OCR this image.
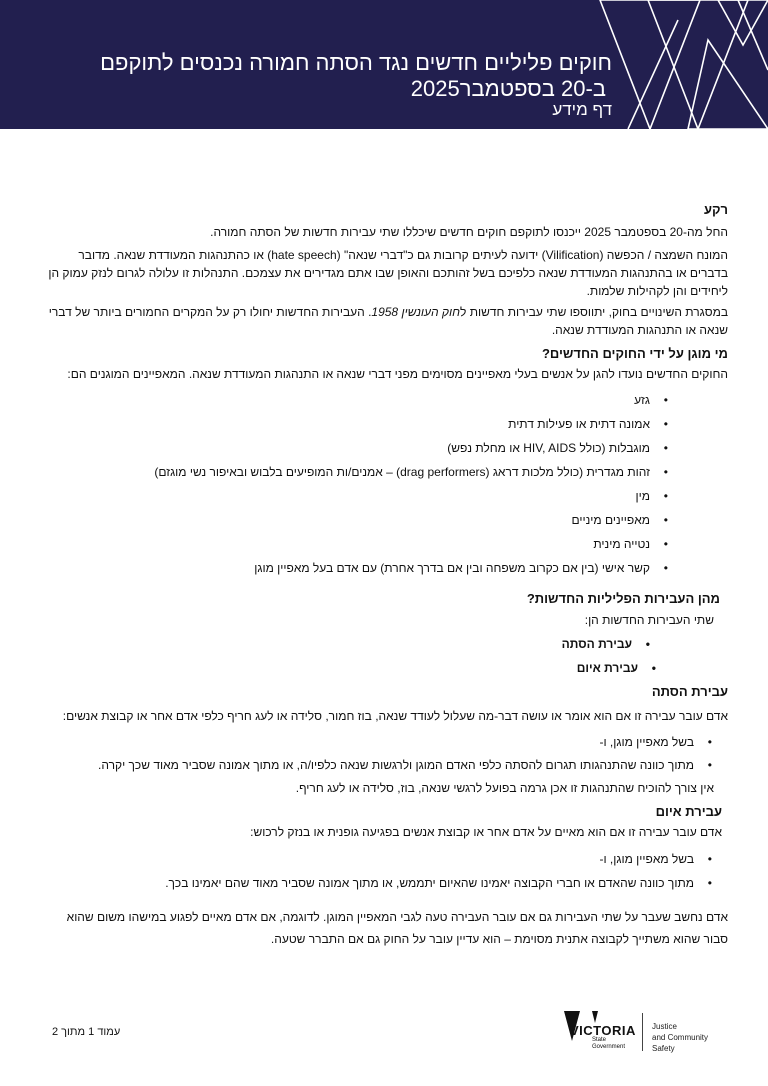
חוקים פליליים חדשים נגד הסתה חמורה נכנסים לתוקפם
ב-20 בספטמבר2025
דף מידע
רקע

החל מה-20 בספטמבר 2025 ייכנסו לתוקפם חוקים חדשים שיכללו שתי עבירות חדשות של הסתה חמורה.

המונח השמצה / הכפשה (Vilification) ידועה לעיתים קרובות גם כ"דברי שנאה" (hate speech) או כהתנהגות המעודדת שנאה. מדובר בדברים או בהתנהגות המעודדת שנאה כלפיכם בשל זהותכם והאופן שבו אתם מגדירים את עצמכם. התנהלות זו עלולה לגרום לנזק עמוק הן ליחידים והן לקהילות שלמות.

במסגרת השינויים בחוק, יתווספו שתי עבירות חדשות לחוק העונשין 1958. העבירות החדשות יחולו רק על המקרים החמורים ביותר של דברי שנאה או התנהגות המעודדת שנאה.

מי מוגן על ידי החוקים החדשים?

החוקים החדשים נועדו להגן על אנשים בעלי מאפיינים מסוימים מפני דברי שנאה או התנהגות המעודדת שנאה. המאפיינים המוגנים הם:

• גזע
• אמונה דתית או פעילות דתית
• מוגבלות (כולל HIV, AIDS או מחלת נפש)
• זהות מגדרית (כולל מלכות דראג (drag performers) – אמנים/ות המופיעים בלבוש ובאיפור נשי מוגזם)
• מין
• מאפיינים מיניים
• נטייה מינית
• קשר אישי (בין אם כקרוב משפחה ובין אם בדרך אחרת) עם אדם בעל מאפיין מוגן
מהן העבירות הפליליות החדשות?

שתי העבירות החדשות הן:

• עבירת הסתה
• עבירת איום
עבירת הסתה

אדם עובר עבירה זו אם הוא אומר או עושה דבר-מה שעלול לעודד שנאה, בוז חמור, סלידה או לעג חריף כלפי אדם אחר או קבוצת אנשים:

• בשל מאפיין מוגן, ו-
• מתוך כוונה שהתנהגותו תגרום להסתה כלפי האדם המוגן ולרגשות שנאה כלפיו/ה, או מתוך אמונה שסביר מאוד שכך יקרה.

אין צורך להוכיח שהתנהגות זו אכן גרמה בפועל לרגשי שנאה, בוז, סלידה או לעג חריף.

עבירת איום

אדם עובר עבירה זו אם הוא מאיים על אדם אחר או קבוצת אנשים בפגיעה גופנית או בנזק לרכוש:

• בשל מאפיין מוגן, ו-
• מתוך כוונה שהאדם או חברי הקבוצה יאמינו שהאיום יתממש, או מתוך אמונה שסביר מאוד שהם יאמינו בכך.

אדם נחשב שעבר על שתי העבירות גם אם עובר העבירה טעה לגבי המאפיין המוגן. לדוגמה, אם אדם מאיים לפגוע במישהו משום שהוא סבור שהוא משתייך לקבוצה אתנית מסוימת – הוא עדיין עובר על החוק גם אם התברר שטעה.

עמוד 1 מתוך 2	VICTORIA
State
Government
Justice
and Community
Safety
